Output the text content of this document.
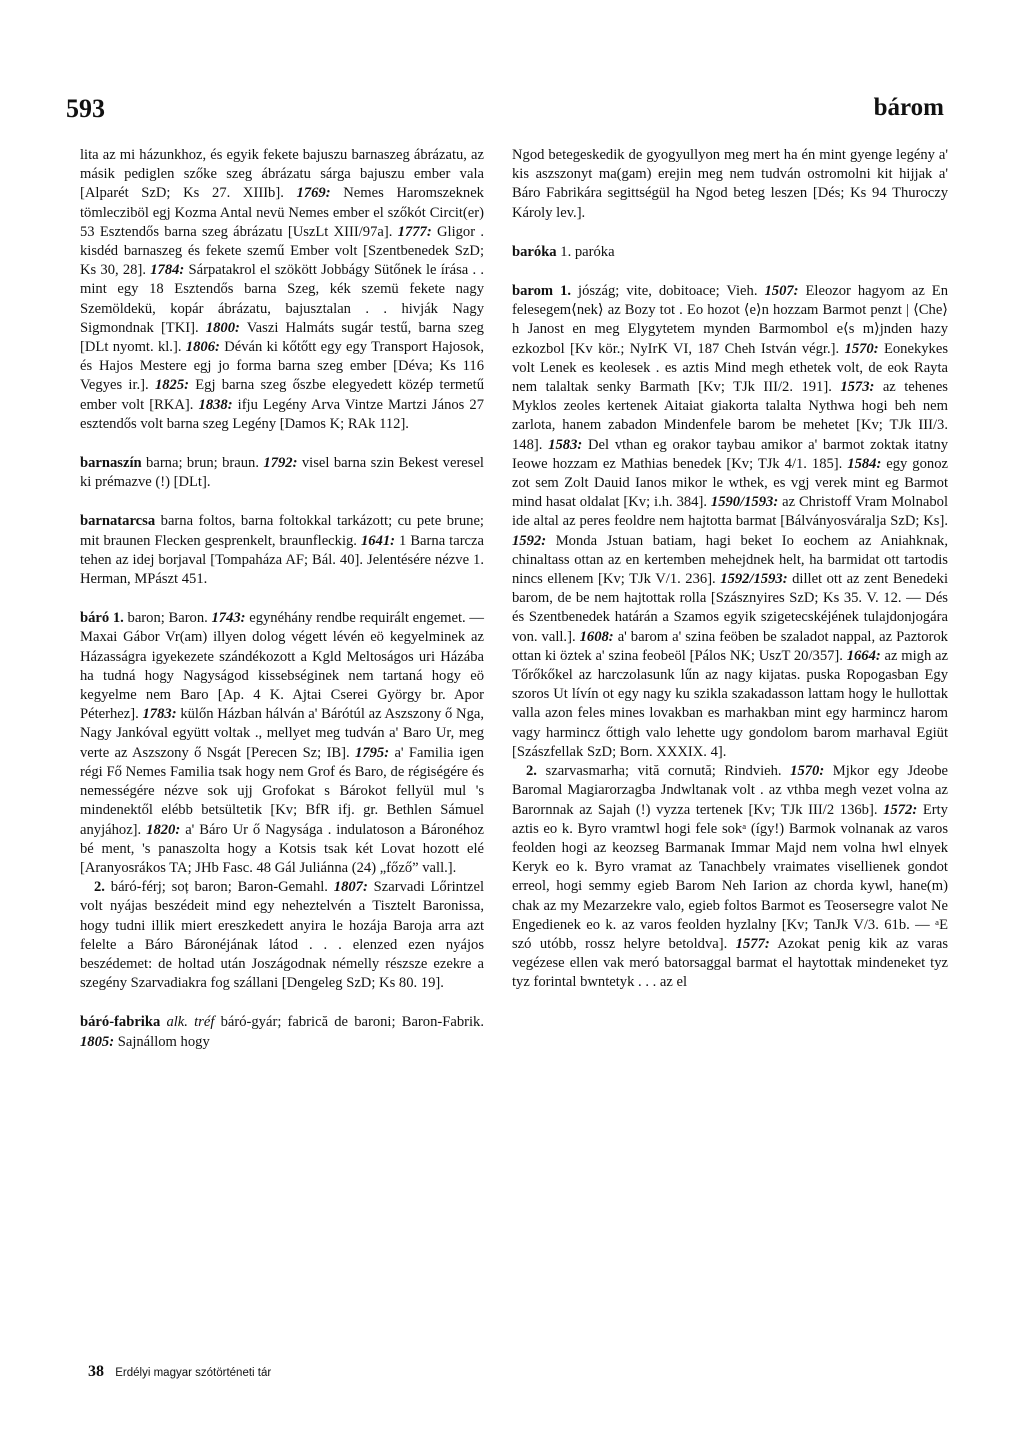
593	bárom

lita az mi házunkhoz, és egyik fekete bajuszu barnaszeg ábrázatu, az másik pediglen szőke szeg ábrázatu sárga bajuszu ember vala [Alparét SzD; Ks 27. XIIIb]. 1769: Nemes Haromszeknek tömlecziböl egj Kozma Antal nevü Nemes ember el szőkót Circit(er) 53 Esztendős barna szeg ábrázatu [UszLt XIII/97a]. 1777: Gligor . kisdéd barnaszeg és fekete szemű Ember volt [Szentbenedek SzD; Ks 30, 28]. 1784: Sárpatakrol el szökött Jobbágy Sütőnek le írása . . mint egy 18 Esztendős barna Szeg, kék szemü fekete nagy Szemöldekü, kopár ábrázatu, bajusztalan . . hivják Nagy Sigmondnak [TKI]. 1800: Vaszi Halmáts sugár testű, barna szeg [DLt nyomt. kl.]. 1806: Déván ki kőtőtt egy egy Transport Hajosok, és Hajos Mestere egj jo forma barna szeg ember [Déva; Ks 116 Vegyes ir.]. 1825: Egj barna szeg őszbe elegyedett közép termetű ember volt [RKA]. 1838: ifju Legény Arva Vintze Martzi János 27 esztendős volt barna szeg Legény [Damos K; RAk 112].

barnaszín barna; brun; braun. 1792: visel barna szin Bekest veresel ki prémazve (!) [DLt].

barnatarcsa barna foltos, barna foltokkal tarkázott; cu pete brune; mit braunen Flecken gesprenkelt, braunfleckig. 1641: 1 Barna tarcza tehen az idej borjaval [Tompaháza AF; Bál. 40]. Jelentésére nézve 1. Herman, MPászt 451.

báró 1. baron; Baron. 1743: egynéhány rendbe requirált engemet. — Maxai Gábor Vr(am) illyen dolog végett lévén eö kegyelminek az Házasságra igyekezete szándékozott a Kgld Meltoságos uri Házába ha tudná hogy Nagyságod kissebséginek nem tartaná hogy eö kegyelme nem Baro [Ap. 4 K. Ajtai Cserei György br. Apor Péterhez]. 1783: külőn Házban hálván a' Bárótúl az Aszszony ő Nga, Nagy Jankóval együtt voltak ., mellyet meg tudván a' Baro Ur, meg verte az Aszszony ő Nsgát [Perecen Sz; IB]. 1795: a' Familia igen régi Fő Nemes Familia tsak hogy nem Grof és Baro, de régiségére és nemességére nézve sok ujj Grofokat s Bárokot fellyül mul 's mindenektől elébb betsültetik [Kv; BfR ifj. gr. Bethlen Sámuel anyjához]. 1820: a' Báro Ur ő Nagysága . indulatoson a Báronéhoz bé ment, 's panaszolta hogy a Kotsis tsak két Lovat hozott elé [Aranyosrákos TA; JHb Fasc. 48 Gál Juliánna (24) „főző” vall.].

2. báró-férj; soț baron; Baron-Gemahl. 1807: Szarvadi Lőrintzel volt nyájas beszédeit mind egy neheztelvén a Tisztelt Baronissa, hogy tudni illik miert ereszkedett anyira le hozája Baroja arra azt felelte a Báro Báronéjának látod . . . elenzed ezen nyájos beszédemet: de holtad után Joszágodnak némelly részsze ezekre a szegény Szarvadiakra fog szállani [Dengeleg SzD; Ks 80. 19].

báró-fabrika alk. tréf báró-gyár; fabrică de baroni; Baron-Fabrik. 1805: Sajnállom hogy

Ngod betegeskedik de gyogyullyon meg mert ha én mint gyenge legény a' kis aszszonyt ma(gam) erejin meg nem tudván ostromolni kit hijjak a' Báro Fabrikára segittségül ha Ngod beteg leszen [Dés; Ks 94 Thuroczy Károly lev.].

baróka 1. paróka

barom 1. jószág; vite, dobitoace; Vieh. 1507: Eleozor hagyom az En felesegem⟨nek⟩ az Bozy tot . Eo hozot ⟨e⟩n hozzam Barmot penzt | ⟨Che⟩h Janost en meg Elygytetem mynden Barmombol e⟨s m⟩jnden hazy ezkozbol [Kv kör.; NyIrK VI, 187 Cheh István végr.]. 1570: Eonekykes volt Lenek es keolesek . es aztis Mind megh ethetek volt, de eok Rayta nem talaltak senky Barmath [Kv; TJk III/2. 191]. 1573: az tehenes Myklos zeoles kertenek Aitaiat giakorta talalta Nythwa hogi beh nem zarlota, hanem zabadon Mindenfele barom be mehetet [Kv; TJk III/3. 148]. 1583: Del vthan eg orakor taybau amikor a' barmot zoktak itatny Ieowe hozzam ez Mathias benedek [Kv; TJk 4/1. 185]. 1584: egy gonoz zot sem Zolt Dauid Ianos mikor le wthek, es vgj verek mint eg Barmot mind hasat oldalat [Kv; i.h. 384]. 1590/1593: az Christoff Vram Molnabol ide altal az peres feoldre nem hajtotta barmat [Bálványosváralja SzD; Ks]. 1592: Monda Jstuan batiam, hagi beket Io eochem az Aniahknak, chinaltass ottan az en kertemben mehejdnek helt, ha barmidat ott tartodis nincs ellenem [Kv; TJk V/1. 236]. 1592/1593: dillet ott az zent Benedeki barom, de be nem hajtottak rolla [Szásznyires SzD; Ks 35. V. 12. — Dés és Szentbenedek határán a Szamos egyik szigetecskéjének tulajdonjogára von. vall.]. 1608: a' barom a' szina feöben be szaladot nappal, az Paztorok ottan ki öztek a' szina feobeöl [Pálos NK; UszT 20/357]. 1664: az migh az Tőrőkőkel az harczolasunk lűn az nagy kijatas. puska Ropogasban Egy szoros Ut lívín ot egy nagy ku szikla szakadasson lattam hogy le hullottak valla azon feles mines lovakban es marhakban mint egy harmincz harom vagy harmincz őttigh valo lehette ugy gondolom barom marhaval Egiüt [Szászfellak SzD; Born. XXXIX. 4].

2. szarvasmarha; vită cornută; Rindvieh. 1570: Mjkor egy Jdeobe Baromal Magiarorzagba Jndwltanak volt . az vthba megh vezet volna az Barornnak az Sajah (!) vyzza tertenek [Kv; TJk III/2 136b]. 1572: Erty aztis eo k. Byro vramtwl hogi fele sokᵃ (így!) Barmok volnanak az varos feolden hogi az keozseg Barmanak Immar Majd nem volna hwl elnyek Keryk eo k. Byro vramat az Tanachbely vraimates visellienek gondot erreol, hogi semmy egieb Barom Neh Iarion az chorda kywl, hane(m) chak az my Mezarzekre valo, egieb foltos Barmot es Teosersegre valot Ne Engedienek eo k. az varos feolden hyzlalny [Kv; TanJk V/3. 61b. — ᵃE szó utóbb, rossz helyre betoldva]. 1577: Azokat penig kik az varas vegézese ellen vak meró batorsaggal barmat el haytottak mindeneket tyz tyz forintal bwntetyk . . . az el

38 Erdélyi magyar szótörténeti tár
